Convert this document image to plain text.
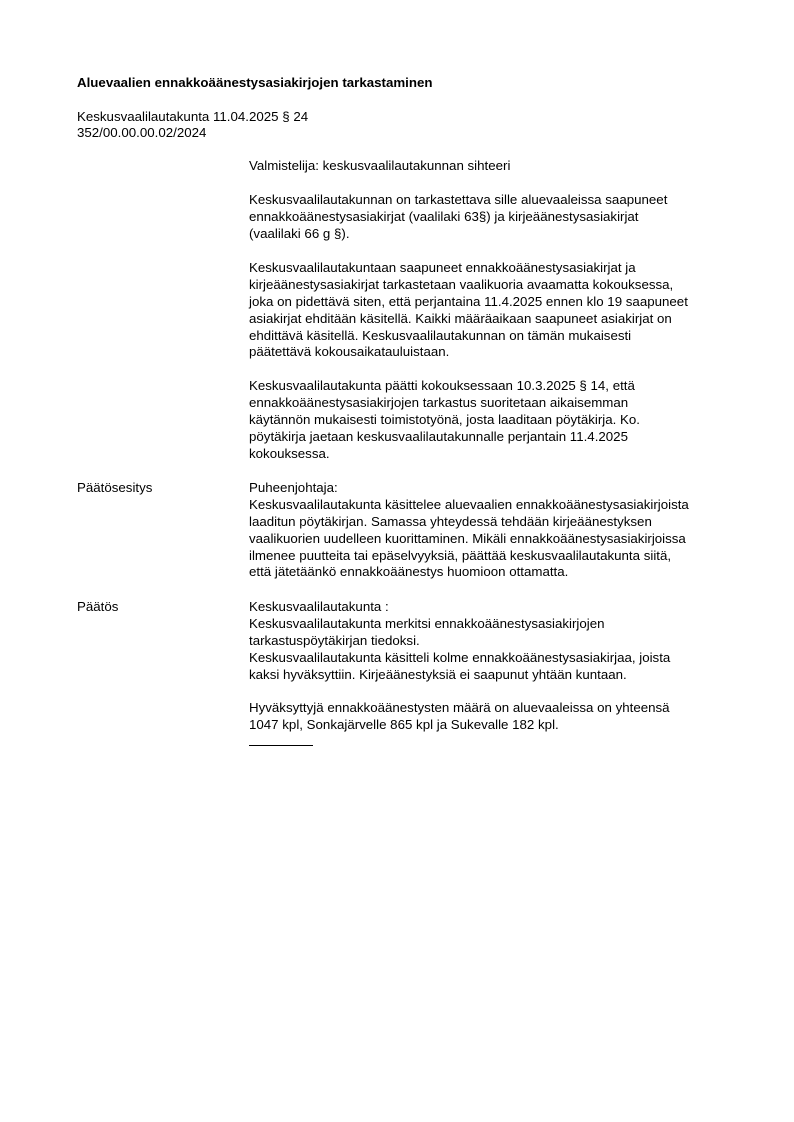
Aluevaalien ennakkoäänestysasiakirjojen tarkastaminen
Keskusvaalilautakunta 11.04.2025 § 24
352/00.00.00.02/2024
Valmistelija: keskusvaalilautakunnan sihteeri
Keskusvaalilautakunnan on tarkastettava sille aluevaaleissa saapuneet
ennakkoäänestysasiakirjat (vaalilaki 63§) ja kirjeäänestysasiakirjat
(vaalilaki 66 g §).
Keskusvaalilautakuntaan saapuneet ennakkoäänestysasiakirjat ja
kirjeäänestysasiakirjat tarkastetaan vaalikuoria avaamatta kokouksessa,
joka on pidettävä siten, että perjantaina 11.4.2025 ennen klo 19 saapuneet
asiakirjat ehditään käsitellä. Kaikki määräaikaan saapuneet asiakirjat on
ehdittävä käsitellä. Keskusvaalilautakunnan on tämän mukaisesti
päätettävä kokousaikatauluistaan.
Keskusvaalilautakunta päätti kokouksessaan 10.3.2025 § 14, että
ennakkoäänestysasiakirjojen tarkastus suoritetaan aikaisemman
käytännön mukaisesti toimistotyönä, josta laaditaan pöytäkirja. Ko.
pöytäkirja jaetaan keskusvaalilautakunnalle perjantain 11.4.2025
kokouksessa.
Päätösesitys	Puheenjohtaja:
Keskusvaalilautakunta käsittelee aluevaalien ennakkoäänestysasiakirjoista
laaditun pöytäkirjan. Samassa yhteydessä tehdään kirjeäänestyksen
vaalikuorien uudelleen kuorittaminen. Mikäli ennakkoäänestysasiakirjoissa
ilmenee puutteita tai epäselvyyksiä, päättää keskusvaalilautakunta siitä,
että jätetäänkö ennakkoäänestys huomioon ottamatta.
Päätös	Keskusvaalilautakunta :
Keskusvaalilautakunta merkitsi ennakkoäänestysasiakirjojen
tarkastuspöytäkirjan tiedoksi.
Keskusvaalilautakunta käsitteli kolme ennakkoäänestysasiakirjaa, joista
kaksi hyväksyttiin. Kirjeäänestyksiä ei saapunut yhtään kuntaan.
Hyväksyttyjä ennakkoäänestysten määrä on aluevaaleissa on yhteensä
1047 kpl, Sonkajärvelle 865 kpl ja Sukevalle 182 kpl.
